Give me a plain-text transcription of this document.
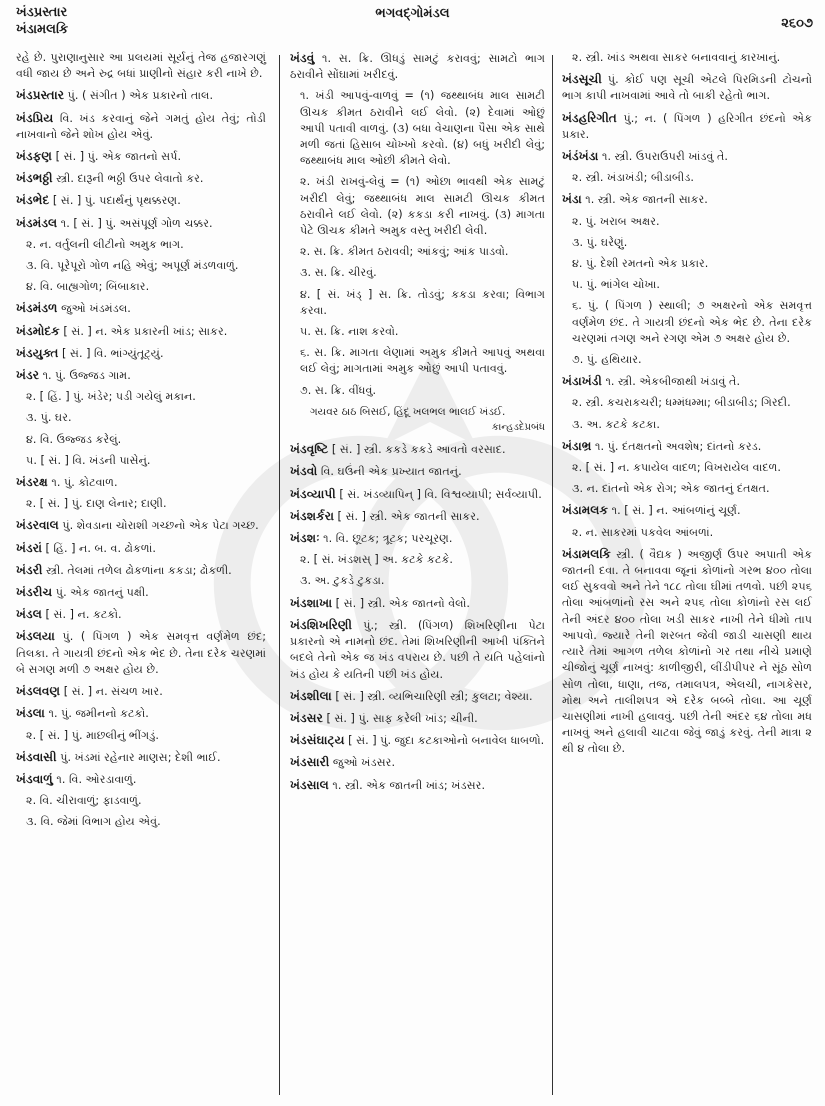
ખંડપ્રસ્તાર
ખંડામલકિ
ભગવદ્ગોમંડલ
૨૬૦૭
રહે છે. પુરાણાનુસાર આ પ્રલયમાં સૂર્યનું તેજ હજારગણું વધી જાય છે અને રુદ્ર બધાં પ્રાણીનો સંહાર કરી નાખે છે.
ખંડપ્રસ્તાર પું. ( સંગીત ) એક પ્રકારનો તાલ.
ખંડપ્રિય વિ. ખંડ કરવાનું જેને ગમતું હોય તેવું; તોડી નાખવાનો જેને શોખ હોય એવું.
ખંડફણ [ સં. ] પું. એક જાતનો સર્પ.
ખંડભઠ્ઠી સ્ત્રી. દારૂની ભઠ્ઠી ઉપર લેવાતો કર.
ખંડભેદ [ સં. ] પું. પદાર્થનું પૃથક્કરણ.
ખંડમંડલ ૧. [ સં. ] પું. અસંપૂર્ણ ગોળ ચક્કર.
૨. ન. વર્તુલની લીટીનો અમુક ભાગ.
૩. વિ. પૂરેપૂરો ગોળ નહિ એવું; અપૂર્ણ મંડળવાળું.
૪. વિ. બાહ્યગોળ; બિંબાકાર.
ખંડમંડળ જુઓ ખંડમંડલ.
ખંડમોદક [ સં. ] ન. એક પ્રકારની ખાંડ; સાકર.
ખંડયુક્ત [ સં. ] વિ. ભાંગ્યુંતૂટ્યું.
ખંડર ૧. પું. ઉજ્જડ ગામ.
૨. [ હિં. ] પું. ખંડેર; પડી ગયેલું મકાન.
૩. પું. ઘર.
૪. વિ. ઉજ્જડ કરેલું.
૫. [ સં. ] વિ. ખંડની પાસેનું.
ખંડરક્ષ ૧. પું. કોટવાળ.
૨. [ સં. ] પું. દાણ લેનાર; દાણી.
ખંડરવાલ પું. શેવડાના ચોરાશી ગચ્છનો એક પેટા ગચ્છ.
ખંડરાં [ હિં. ] ન. બ. વ. ઢોકળાં.
ખંડરી સ્ત્રી. તેલમાં તળેલ ઢોકળાંના કકડા; ઢોકળી.
ખંડરીચ પું. એક જાતનું પક્ષી.
ખંડલ [ સં. ] ન. કટકો.
ખંડલયા પું. ( પિંગળ ) એક સમવૃત્ત વર્ણમેળ છંદ; તિલકા. તે ગાયત્રી છંદનો એક ભેદ છે. તેના દરેક ચરણમાં બે સગણ મળી ૭ અક્ષર હોય છે.
ખંડલવણ [ સં. ] ન. સંચળ ખાર.
ખંડલા ૧. પું. જમીનનો કટકો.
૨. [ સં. ] પું. માછલીનું ભીંગડું.
ખંડવાસી પું. ખંડમાં રહેનાર માણસ; દેશી ભાઈ.
ખંડવાળું ૧. વિ. ઓરડાવાળું.
૨. વિ. ચીરાવાળું; ફાડવાળું.
૩. વિ. જેમાં વિભાગ હોય એવું.
ખંડવું ૧. સ. ક્રિ. ઊધડું સામટું કરાવવું; સામટો ભાગ ઠરાવીને સોંઘામાં ખરીદવું.
૧. ખંડી આપવું-વાળવું = (૧) જથ્થાબંધ માલ સામટી ઊચક કીમત ઠરાવીને લઈ લેવો. (૨) દેવામાં ઓછું આપી પતાવી વાળવું. (૩) બધા વેચાણના પૈસા એક સાથે મળી જતાં હિસાબ ચોખ્ખો કરવો. (૪) બધું ખરીદી લેવું; જથ્થાબંધ માલ ઓછી કીમતે લેવો.
૨. ખંડી રાખવું-લેવું = (૧) ઓછા ભાવથી એક સામટું ખરીદી લેવું; જથ્થાબંધ માલ સામટી ઊચક કીમત ઠરાવીને લઈ લેવો. (૨) કકડા કરી નાખવું. (૩) માગતા પેટે ઊચક કીમતે અમુક વસ્તુ ખરીદી લેવી.
૨. સ. ક્રિ. કીમત ઠરાવવી; આંકવું; આંક પાડવો.
૩. સ. ક્રિ. ચીરવું.
૪. [ સં. ખંડ્ ] સ. ક્રિ. તોડવું; કકડા કરવા; વિભાગ કરવા.
૫. સ. ક્રિ. નાશ કરવો.
૬. સ. ક્રિ. માગતા લેણામાં અમુક કીમતે આપવું અથવા લઈ લેવું; માગતામાં અમુક ઓછું આપી પતાવવું.
૭. સ. ક્રિ. વીંધવું.
ગયવર ઠાઠ બિસઈ, હિંદૂ ખલભલ ભાલઈ ખંડઈ.
કાન્હડદેપ્રબંધ
ખંડવૃષ્ટિ [ સં. ] સ્ત્રી. કકડે કકડે આવતો વરસાદ.
ખંડવો વિ. ઘઉંની એક પ્રખ્યાત જાતનું.
ખંડવ્યાપી [ સં. ખંડવ્યાપિન્ ] વિ. વિશ્વવ્યાપી; સર્વવ્યાપી.
ખંડશર્કરા [ સં. ] સ્ત્રી. એક જાતની સાકર.
ખંડશઃ ૧. વિ. છૂટક; ત્રૂટક; પરચૂરણ.
૨. [ સં. ખંડશસ્ ] અ. કટકે કટકે.
૩. અ. ટુકડે ટુકડા.
ખંડશાખા [ સં. ] સ્ત્રી. એક જાતનો વેલો.
ખંડશિખરિણી પું.; સ્ત્રી. (પિંગળ) શિખરિણીના પેટા પ્રકારનો એ નામનો છંદ. તેમાં શિખરિણીની આખી પંક્તિને બદલે તેનો એક જ ખંડ વપરાય છે. પછી તે યતિ પહેલાંનો ખંડ હોય કે યતિની પછી ખંડ હોય.
ખંડશીલા [ સં. ] સ્ત્રી. વ્યભિચારિણી સ્ત્રી; કુલટા; વેશ્યા.
ખંડસર [ સં. ] પું. સાફ કરેલી ખાંડ; ચીની.
ખંડસંઘાટ્ય [ સં. ] પું. જુદા કટકાઓનો બનાવેલ ધાબળો.
ખંડસારી જુઓ ખંડસર.
ખંડસાલ ૧. સ્ત્રી. એક જાતની ખાંડ; ખંડસર.
૨. સ્ત્રી. ખાંડ અથવા સાકર બનાવવાનું કારખાનું.
ખંડસૂચી પું. કોઈ પણ સૂચી એટલે પિરમિડની ટોચનો ભાગ કાપી નાખવામાં આવે તો બાકી રહેતો ભાગ.
ખંડહરિગીત પું.; ન. ( પિંગળ ) હરિગીત છંદનો એક પ્રકાર.
ખંડંખંડા ૧. સ્ત્રી. ઉપરાઉપરી ખાંડવું તે.
૨. સ્ત્રી. ખંડાખંડી; બીડાબીડ.
ખંડા ૧. સ્ત્રી. એક જાતની સાકર.
૨. પું. ખરાબ અક્ષર.
૩. પું. ઘરેણું.
૪. પું. દેશી રમતનો એક પ્રકાર.
૫. પું. ભાંગેલ ચોખા.
૬. પું. ( પિંગળ ) સ્થાલી; ૭ અક્ષરનો એક સમવૃત્ત વર્ણમેળ છંદ. તે ગાયત્રી છંદનો એક ભેદ છે. તેના દરેક ચરણમાં તગણ અને રગણ એમ ૭ અક્ષર હોય છે.
૭. પું. હથિયાર.
ખંડાખંડી ૧. સ્ત્રી. એકબીજાથી ખંડાવું તે.
૨. સ્ત્રી. કચરાકચરી; ધમ્મંધમ્મા; બીડાબીડ; ગિરદી.
૩. અ. કટકે કટકા.
ખંડાભ્ર ૧. પું. દંતક્ષતનો અવશેષ; દાંતનો કરડ.
૨. [ સં. ] ન. કપાયેલ વાદળ; વિખરાયેલ વાદળ.
૩. ન. દાંતનો એક રોગ; એક જાતનું દંતક્ષત.
ખંડામલક ૧. [ સં. ] ન. આંબળાંનું ચૂર્ણ.
૨. ન. સાકરમાં પકવેલ આંબળાં.
ખંડામલકિ સ્ત્રી. ( વૈદ્યક ) અજીર્ણ ઉપર અપાતી એક જાતની દવા. તે બનાવવા જૂનાં કોળાંનો ગરભ ૪૦૦ તોલા લઈ સુકવવો અને તેને ૧૮૮ તોલા ઘીમાં તળવો. પછી ૨૫૬ તોલા આંબળાંનો રસ અને ૨૫૬ તોલા કોળાંનો રસ લઈ તેની અંદર ૪૦૦ તોલા ખડી સાકર નાખી તેને ધીમો તાપ આપવો. જ્યારે તેની શરબત જેવી જાડી ચાસણી થાય ત્યારે તેમાં આગળ તળેલ કોળાંનો ગર તથા નીચે પ્રમાણે ચીજોનું ચૂર્ણ નાખવું: કાળીજીરી, લીંડીપીપર ને સૂંઠ સોળ સોળ તોલા, ધાણા, તજ, તમાલપત્ર, એલચી, નાગકેસર, મોથ અને તાલીશપત્ર એ દરેક બબ્બે તોલા. આ ચૂર્ણ ચાસણીમાં નાખી હલાવવું. પછી તેની અંદર ૬૪ તોલા મધ નાખવું અને હલાવી ચાટવા જેવું જાડું કરવું. તેની માત્રા ૨ થી ૪ તોલા છે.
